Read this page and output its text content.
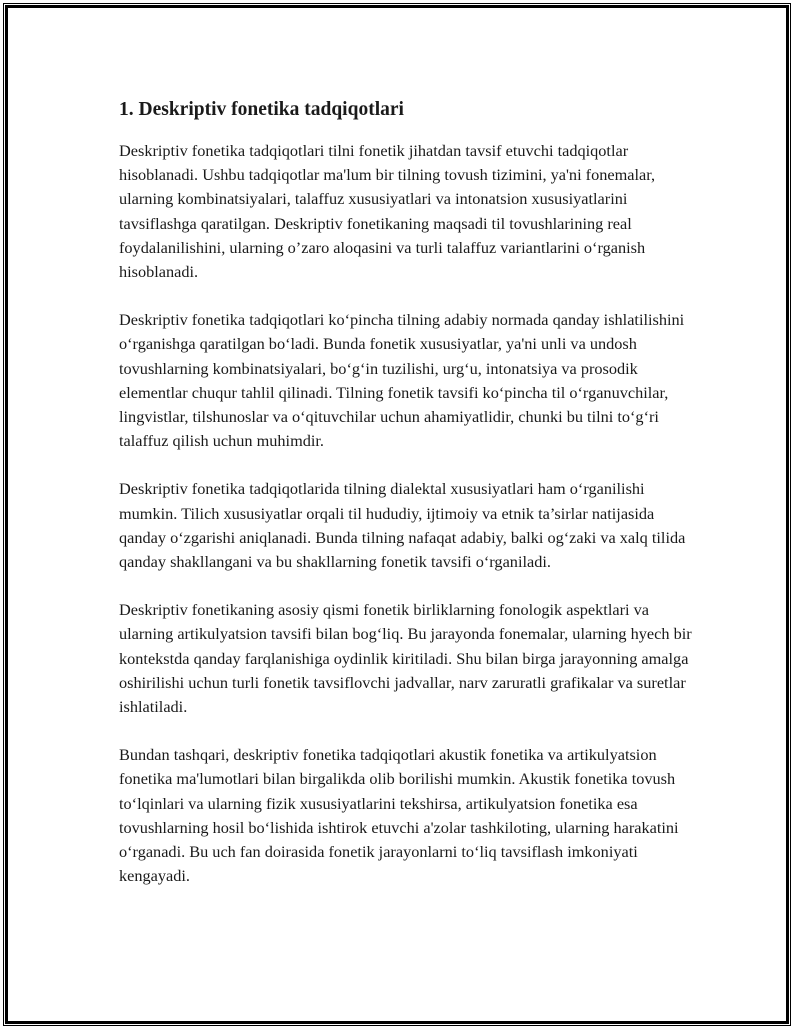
1. Deskriptiv fonetika tadqiqotlari

Deskriptiv fonetika tadqiqotlari tilni fonetik jihatdan tavsif etuvchi tadqiqotlar hisoblanadi. Ushbu tadqiqotlar ma'lum bir tilning tovush tizimini, ya'ni fonemalar, ularning kombinatsiyalari, talaffuz xususiyatlari va intonatsion xususiyatlarini tavsiflashga qaratilgan. Deskriptiv fonetikaning maqsadi til tovushlarining real foydalanilishini, ularning o’zaro aloqasini va turli talaffuz variantlarini o‘rganish hisoblanadi.

Deskriptiv fonetika tadqiqotlari ko‘pincha tilning adabiy normada qanday ishlatilishini o‘rganishga qaratilgan bo‘ladi. Bunda fonetik xususiyatlar, ya'ni unli va undosh tovushlarning kombinatsiyalari, bo‘g‘in tuzilishi, urg‘u, intonatsiya va prosodik elementlar chuqur tahlil qilinadi. Tilning fonetik tavsifi ko‘pincha til o‘rganuvchilar, lingvistlar, tilshunoslar va o‘qituvchilar uchun ahamiyatlidir, chunki bu tilni to‘g‘ri talaffuz qilish uchun muhimdir.

Deskriptiv fonetika tadqiqotlarida tilning dialektal xususiyatlari ham o‘rganilishi mumkin. Tilich xususiyatlar orqali til hududiy, ijtimoiy va etnik ta’sirlar natijasida qanday o‘zgarishi aniqlanadi. Bunda tilning nafaqat adabiy, balki og‘zaki va xalq tilida qanday shakllangani va bu shakllarning fonetik tavsifi o‘rganiladi.

Deskriptiv fonetikaning asosiy qismi fonetik birliklarning fonologik aspektlari va ularning artikulyatsion tavsifi bilan bog‘liq. Bu jarayonda fonemalar, ularning hyech bir kontekstda qanday farqlanishiga oydinlik kiritiladi. Shu bilan birga jarayonning amalga oshirilishi uchun turli fonetik tavsiflovchi jadvallar, narv zaruratli grafikalar va suretlar ishlatiladi.

Bundan tashqari, deskriptiv fonetika tadqiqotlari akustik fonetika va artikulyatsion fonetika ma'lumotlari bilan birgalikda olib borilishi mumkin. Akustik fonetika tovush to‘lqinlari va ularning fizik xususiyatlarini tekshirsa, artikulyatsion fonetika esa tovushlarning hosil bo‘lishida ishtirok etuvchi a'zolar tashkiloting, ularning harakatini o‘rganadi. Bu uch fan doirasida fonetik jarayonlarni to‘liq tavsiflash imkoniyati kengayadi.
